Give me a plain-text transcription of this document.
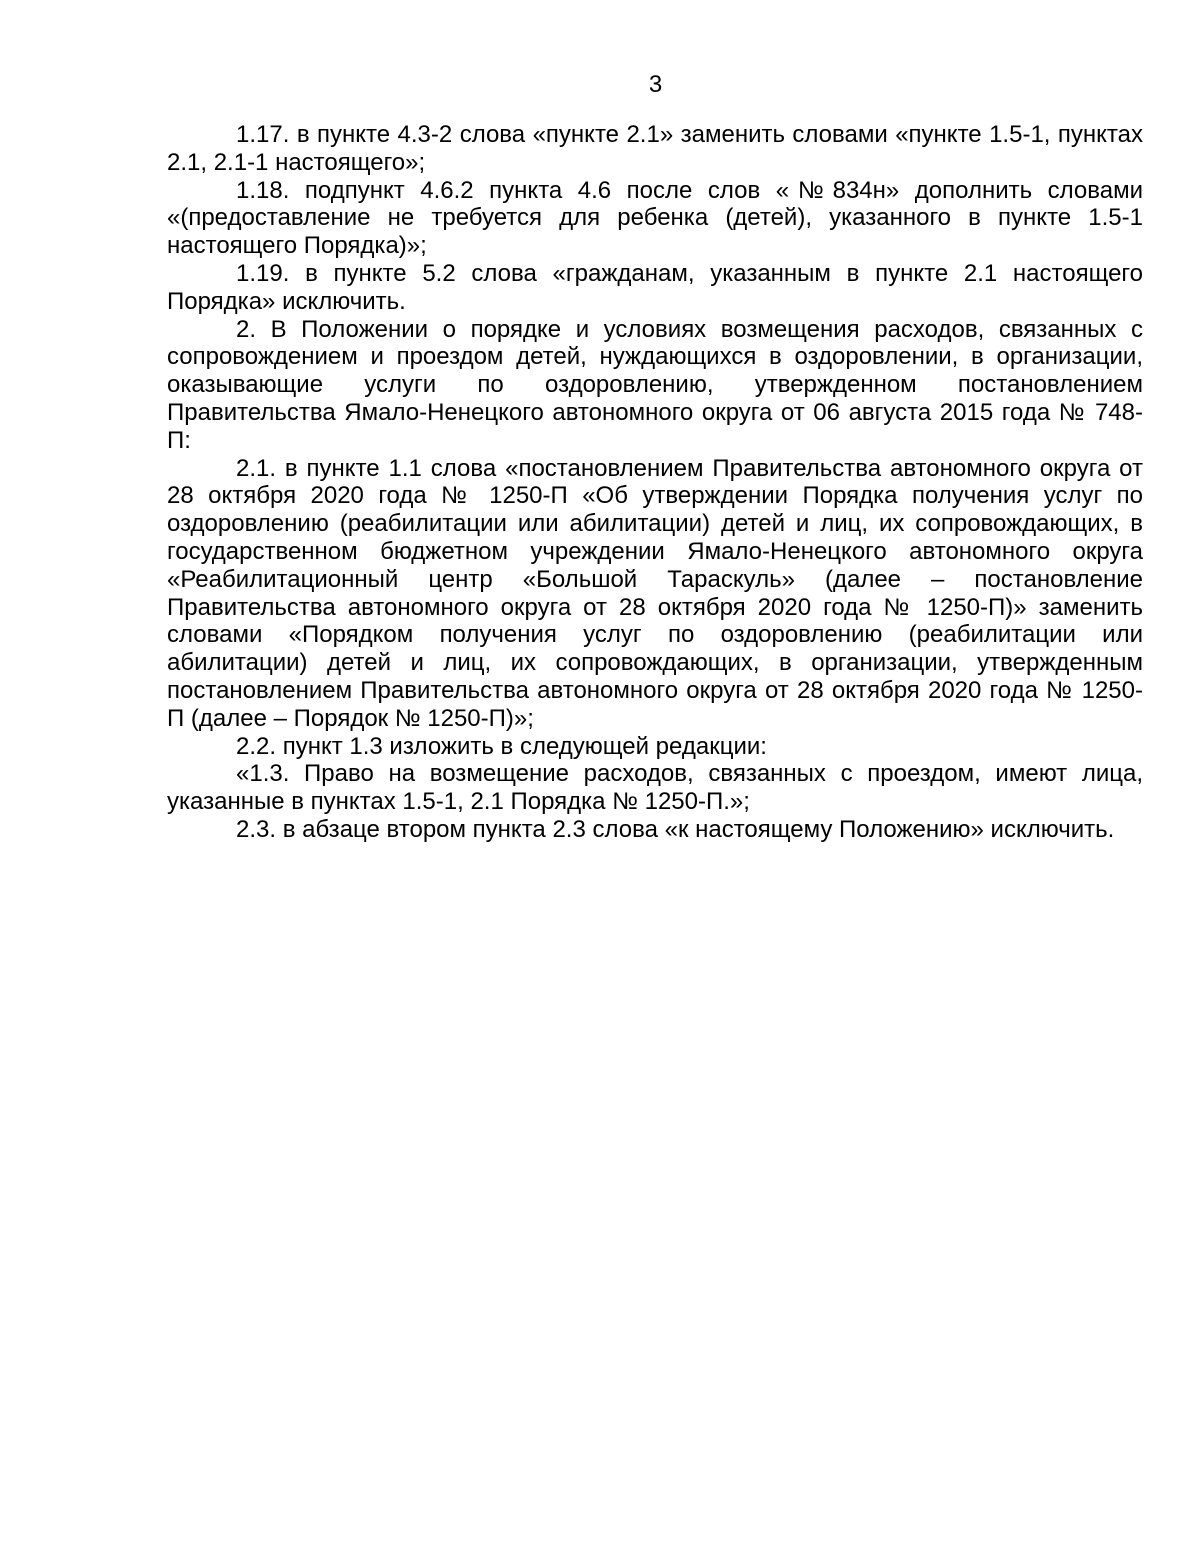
3

1.17. в пункте 4.3-2 слова «пункте 2.1» заменить словами «пункте 1.5-1, пунктах 2.1, 2.1-1 настоящего»;

1.18. подпункт 4.6.2 пункта 4.6 после слов «№834н» дополнить словами «(предоставление не требуется для ребенка (детей), указанного в пункте 1.5-1 настоящего Порядка)»;

1.19. в пункте 5.2 слова «гражданам, указанным в пункте 2.1 настоящего Порядка» исключить.

2. В Положении о порядке и условиях возмещения расходов, связанных с сопровождением и проездом детей, нуждающихся в оздоровлении, в организации, оказывающие услуги по оздоровлению, утвержденном постановлением Правительства Ямало-Ненецкого автономного округа от 06 августа 2015 года № 748-П:

2.1. в пункте 1.1 слова «постановлением Правительства автономного округа от 28 октября 2020 года № 1250-П «Об утверждении Порядка получения услуг по оздоровлению (реабилитации или абилитации) детей и лиц, их сопровождающих, в государственном бюджетном учреждении Ямало-Ненецкого автономного округа «Реабилитационный центр «Большой Тараскуль» (далее – постановление Правительства автономного округа от 28 октября 2020 года № 1250-П)» заменить словами «Порядком получения услуг по оздоровлению (реабилитации или абилитации) детей и лиц, их сопровождающих, в организации, утвержденным постановлением Правительства автономного округа от 28 октября 2020 года № 1250-П (далее – Порядок № 1250-П)»;

2.2. пункт 1.3 изложить в следующей редакции:

«1.3. Право на возмещение расходов, связанных с проездом, имеют лица, указанные в пунктах 1.5-1, 2.1 Порядка № 1250-П.»;

2.3. в абзаце втором пункта 2.3 слова «к настоящему Положению» исключить.
